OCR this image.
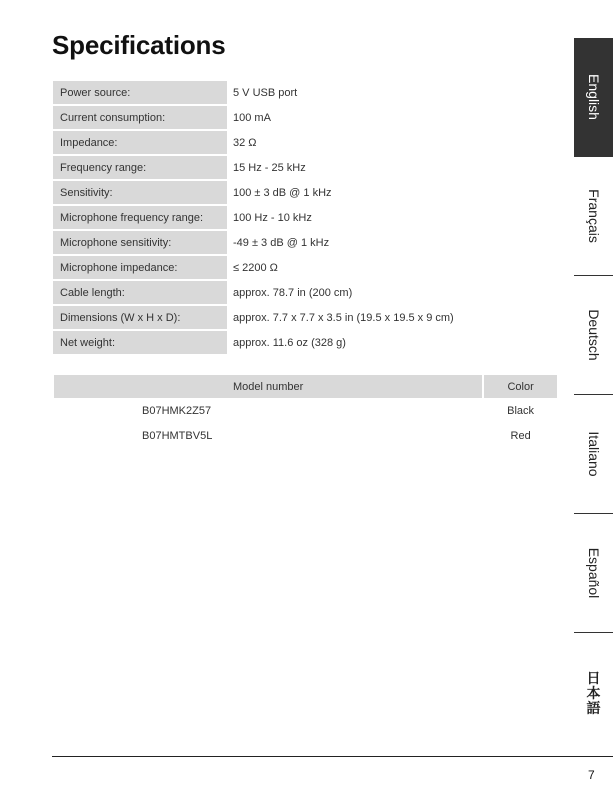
Specifications
Power source:	5 V USB port
Current consumption:	100 mA
Impedance:	32 Ω
Frequency range:	15 Hz - 25 kHz
Sensitivity:	100 ± 3 dB @ 1 kHz
Microphone frequency range:	100 Hz - 10 kHz
Microphone sensitivity:	-49 ± 3 dB @ 1 kHz
Microphone impedance:	≤ 2200 Ω
Cable length:	approx. 78.7 in (200 cm)
Dimensions (W x H x D):	approx. 7.7 x 7.7 x 3.5 in (19.5 x 19.5 x 9 cm)
Net weight:	approx. 11.6 oz (328 g)
Model number	Color
B07HMK2Z57	Black
B07HMTBV5L	Red
English
Français
Deutsch
Italiano
Español
日本語
7
